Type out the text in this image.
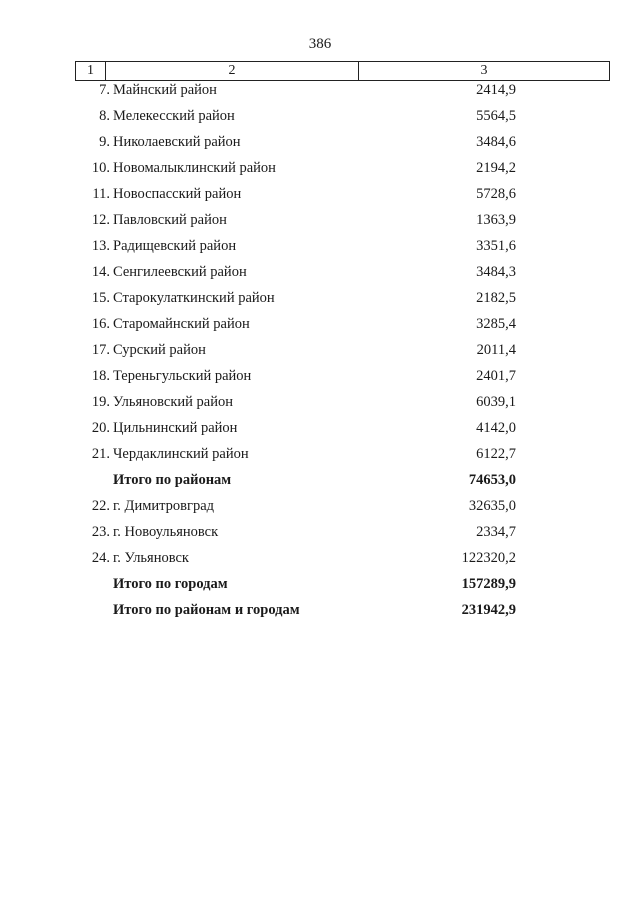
386
1	2	3
7. Майнский район	2414,9
8. Мелекесский район	5564,5
9. Николаевский район	3484,6
10. Новомалыклинский район	2194,2
11. Новоспасский район	5728,6
12. Павловский район	1363,9
13. Радищевский район	3351,6
14. Сенгилеевский район	3484,3
15. Старокулаткинский район	2182,5
16. Старомайнский район	3285,4
17. Сурский район	2011,4
18. Тереньгульский район	2401,7
19. Ульяновский район	6039,1
20. Цильнинский район	4142,0
21. Чердаклинский район	6122,7
Итого по районам	74653,0
22. г. Димитровград	32635,0
23. г. Новоульяновск	2334,7
24. г. Ульяновск	122320,2
Итого по городам	157289,9
Итого по районам и городам	231942,9
